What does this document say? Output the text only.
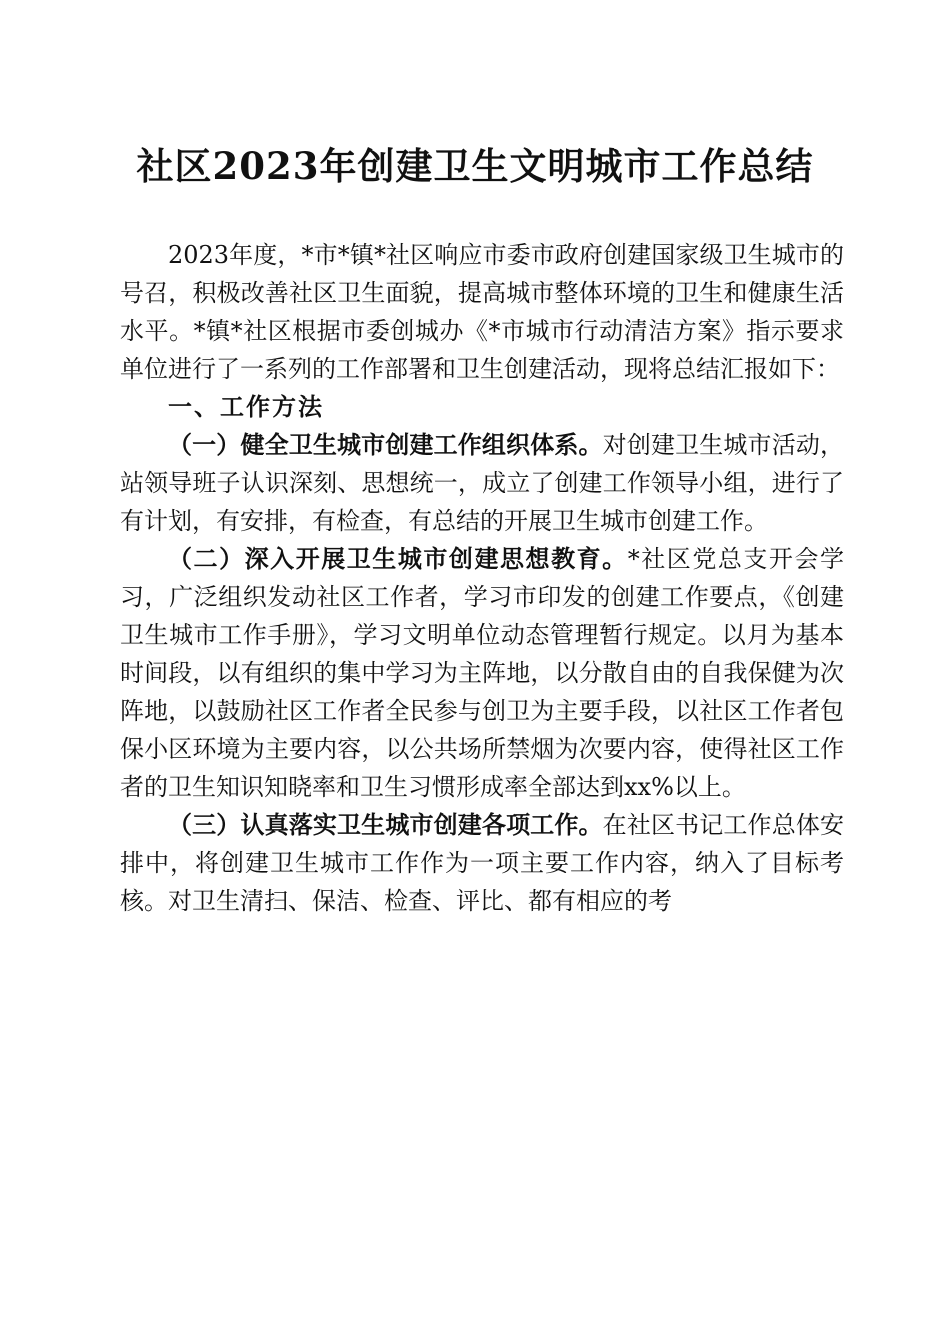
社区2023年创建卫生文明城市工作总结

2023年度，*市*镇*社区响应市委市政府创建国家级卫生城市的号召，积极改善社区卫生面貌，提高城市整体环境的卫生和健康生活水平。*镇*社区根据市委创城办《*市城市行动清洁方案》指示要求单位进行了一系列的工作部署和卫生创建活动，现将总结汇报如下：

一、工作方法

（一）健全卫生城市创建工作组织体系。对创建卫生城市活动，站领导班子认识深刻、思想统一，成立了创建工作领导小组，进行了有计划，有安排，有检查，有总结的开展卫生城市创建工作。

（二）深入开展卫生城市创建思想教育。*社区党总支开会学习，广泛组织发动社区工作者，学习市印发的创建工作要点，《创建卫生城市工作手册》，学习文明单位动态管理暂行规定。以月为基本时间段，以有组织的集中学习为主阵地，以分散自由的自我保健为次阵地，以鼓励社区工作者全民参与创卫为主要手段，以社区工作者包保小区环境为主要内容，以公共场所禁烟为次要内容，使得社区工作者的卫生知识知晓率和卫生习惯形成率全部达到xx%以上。

（三）认真落实卫生城市创建各项工作。在社区书记工作总体安排中，将创建卫生城市工作作为一项主要工作内容，纳入了目标考核。对卫生清扫、保洁、检查、评比、都有相应的考
